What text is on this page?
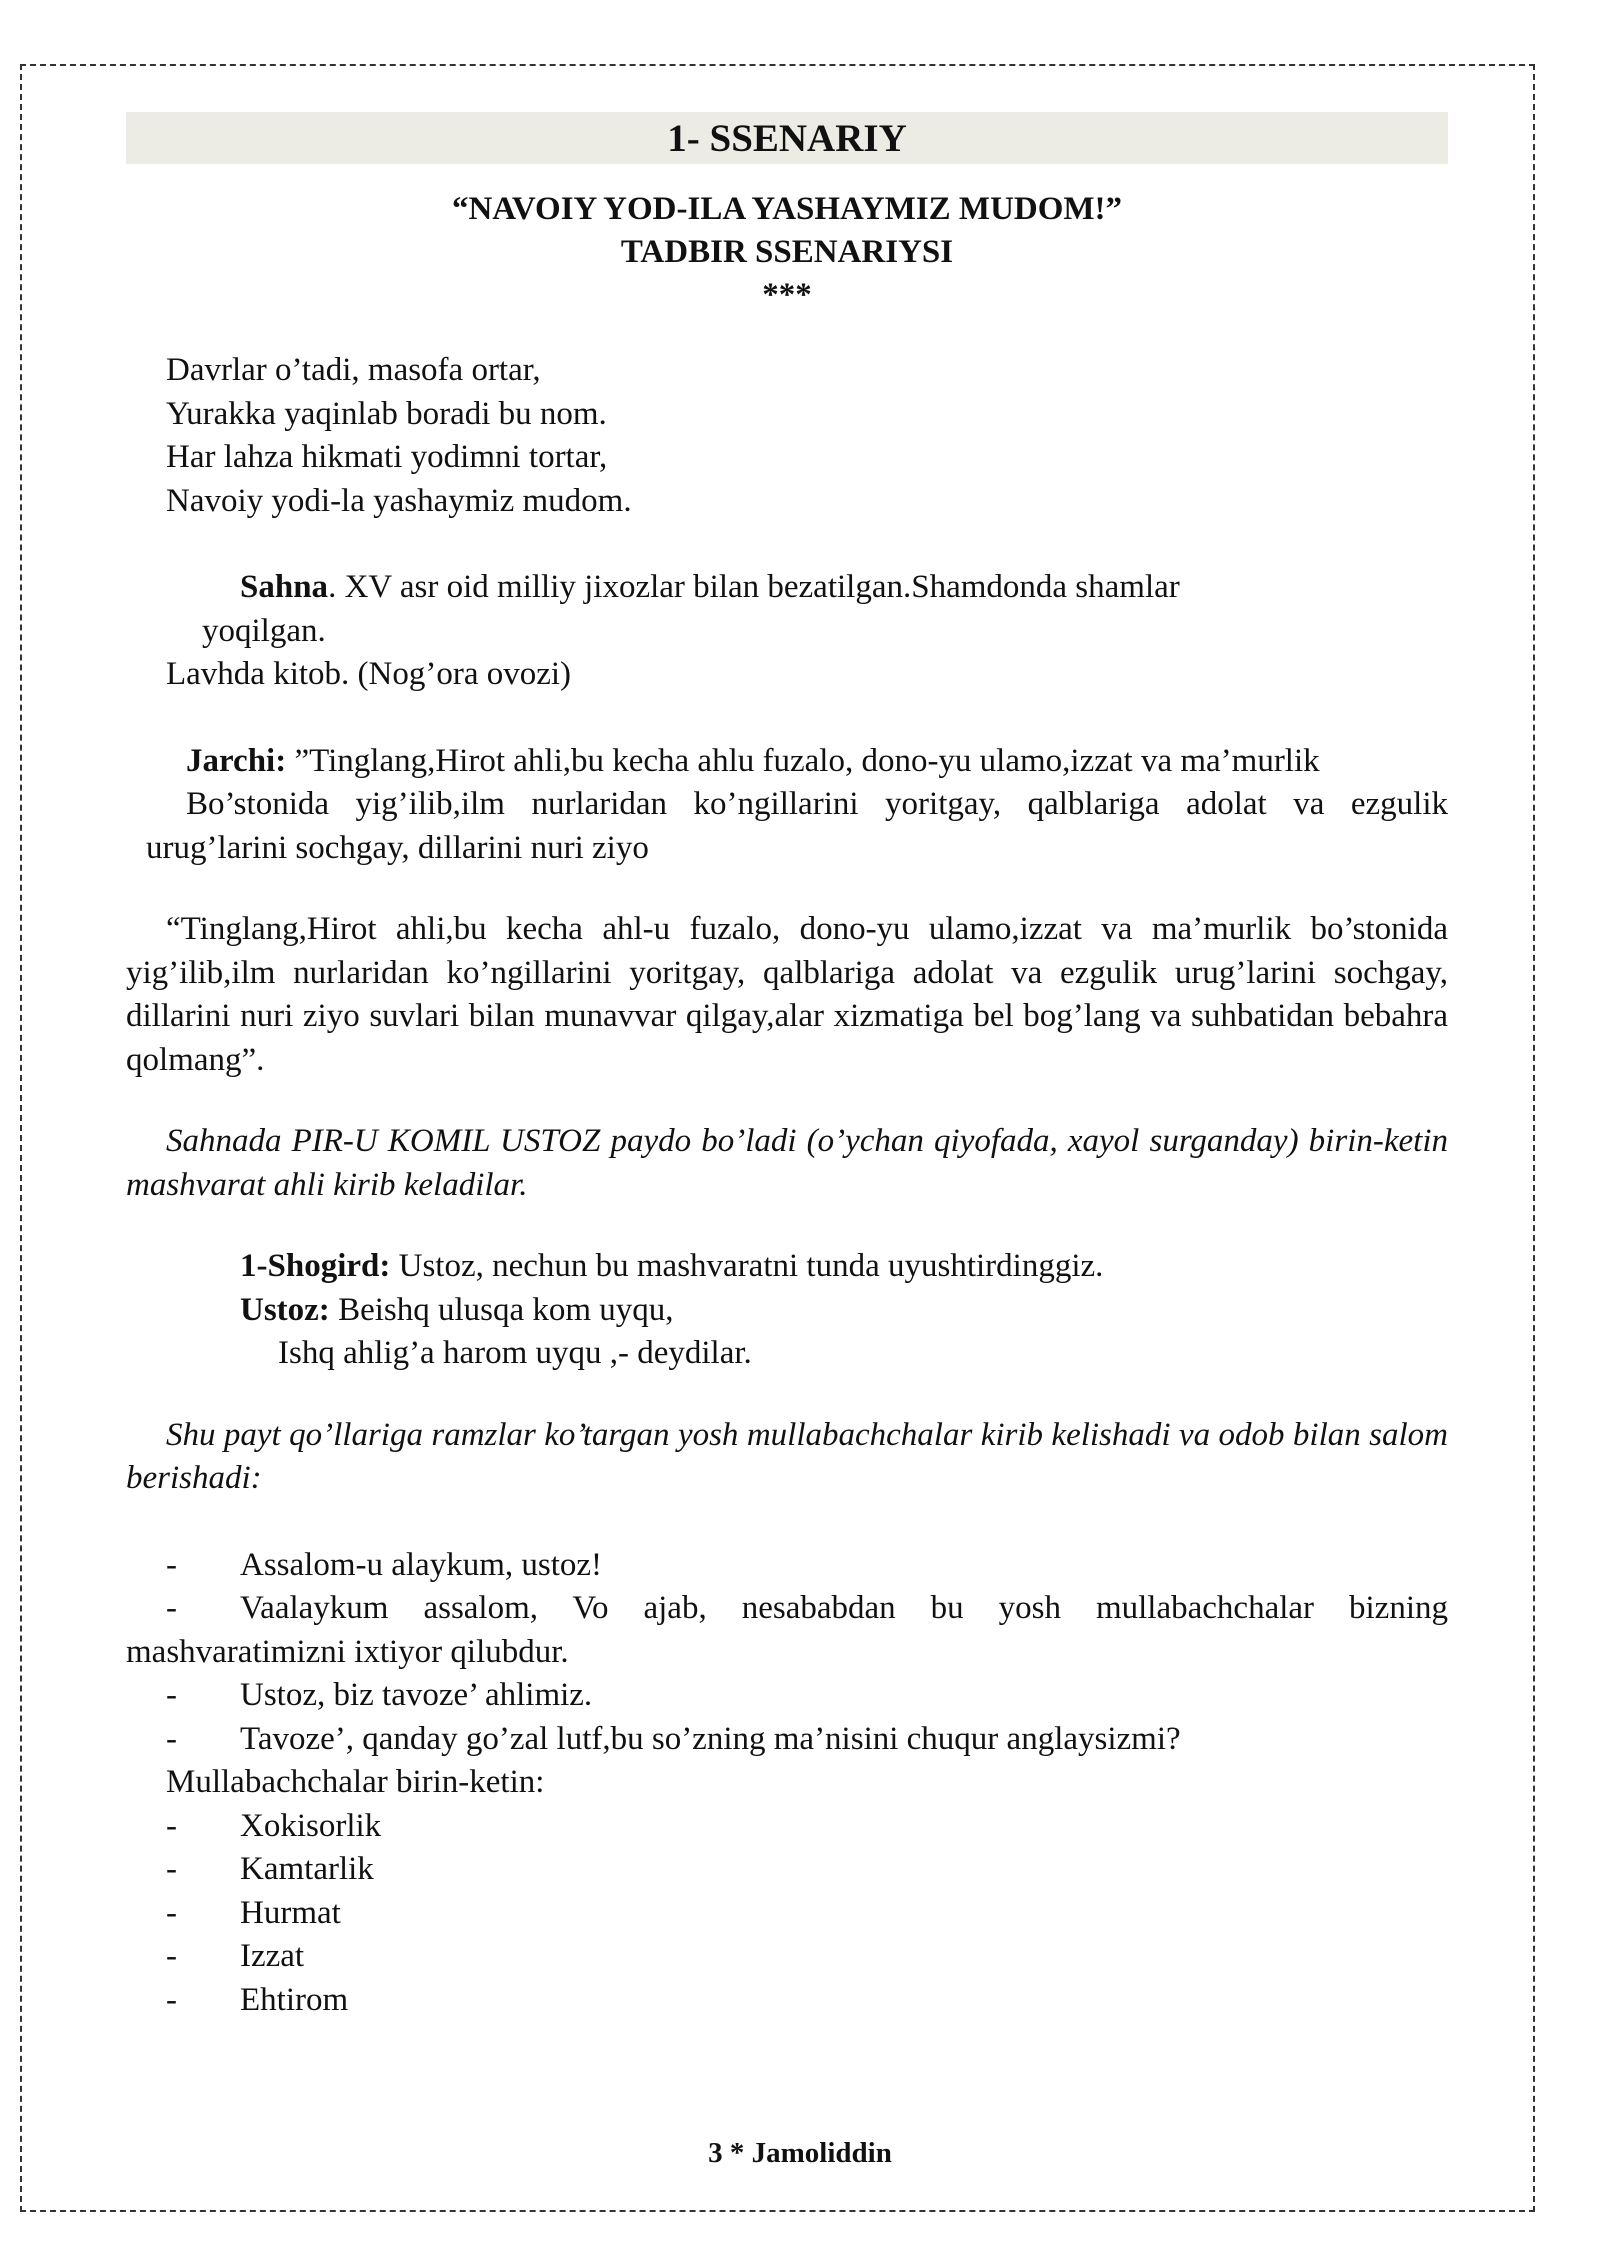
1- SSENARIY
“NAVOIY YOD-ILA YASHAYMIZ MUDOM!”
TADBIR SSENARIYSI
***
Davrlar o’tadi, masofa ortar,
Yurakka yaqinlab boradi bu nom.
Har lahza hikmati yodimni tortar,
Navoiy yodi-la yashaymiz mudom.
Sahna. XV asr oid milliy jixozlar bilan bezatilgan.Shamdonda shamlar
yoqilgan.
Lavhda kitob. (Nog’ora ovozi)

Jarchi: ”Tinglang,Hirot ahli,bu kecha ahlu fuzalo, dono-yu ulamo,izzat va ma’murlik

Bo’stonida yig’ilib,ilm nurlaridan ko’ngillarini yoritgay, qalblariga adolat va ezgulik urug’larini sochgay, dillarini nuri ziyo

“Tinglang,Hirot ahli,bu kecha ahl-u fuzalo, dono-yu ulamo,izzat va ma’murlik bo’stonida yig’ilib,ilm nurlaridan ko’ngillarini yoritgay, qalblariga adolat va ezgulik urug’larini sochgay, dillarini nuri ziyo suvlari bilan munavvar qilgay,alar xizmatiga bel bog’lang va suhbatidan bebahra qolmang”.
Sahnada PIR-U KOMIL USTOZ paydo bo’ladi (o’ychan qiyofada, xayol surganday) birin-ketin mashvarat ahli kirib keladilar.
1-Shogird: Ustoz, nechun bu mashvaratni tunda uyushtirdinggiz.
Ustoz: Beishq ulusqa kom uyqu,
Ishq ahlig’a harom uyqu ,- deydilar.
Shu payt qo’llariga ramzlar ko’targan yosh mullabachchalar kirib kelishadi va odob bilan salom berishadi:
-	Assalom-u alaykum, ustoz!
-	Vaalaykum assalom, Vo ajab, nesababdan bu yosh mullabachchalar bizning
mashvaratimizni ixtiyor qilubdur.
-	Ustoz, biz tavoze’ ahlimiz.
-	Tavoze’, qanday go’zal lutf,bu so’zning ma’nisini chuqur anglaysizmi?
Mullabachchalar birin-ketin:
-	Xokisorlik
-	Kamtarlik
-	Hurmat
-	Izzat
-	Ehtirom
3 * Jamoliddin
